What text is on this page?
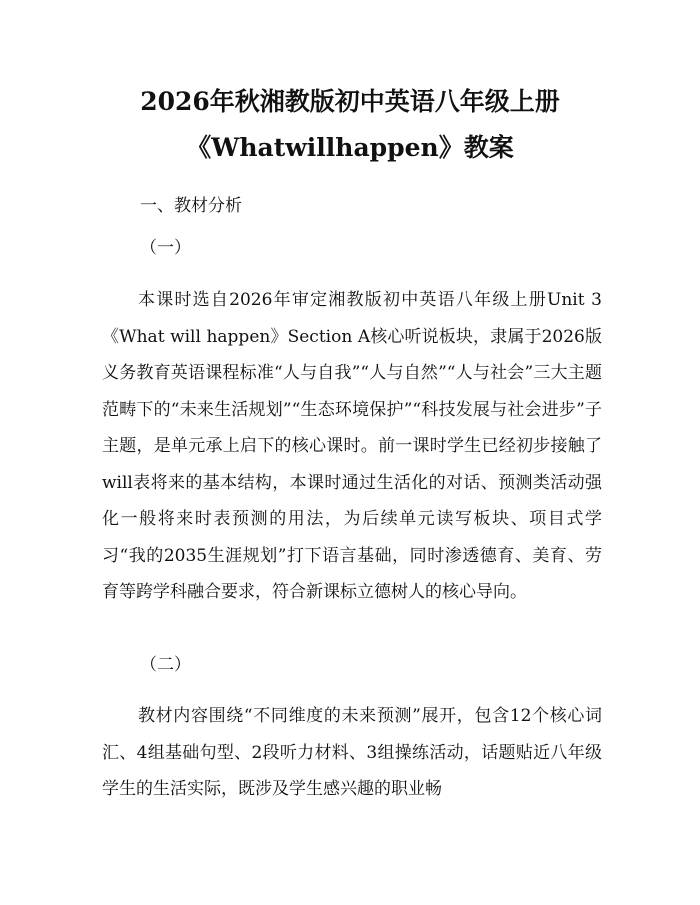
2026年秋湘教版初中英语八年级上册
《Whatwillhappen》教案
一、教材分析
（一）

本课时选自2026年审定湘教版初中英语八年级上册Unit 3《What will happen》Section A核心听说板块，隶属于2026版义务教育英语课程标准“人与自我”“人与自然”“人与社会”三大主题范畴下的“未来生活规划”“生态环境保护”“科技发展与社会进步”子主题，是单元承上启下的核心课时。前一课时学生已经初步接触了will表将来的基本结构，本课时通过生活化的对话、预测类活动强化一般将来时表预测的用法，为后续单元读写板块、项目式学习“我的2035生涯规划”打下语言基础，同时渗透德育、美育、劳育等跨学科融合要求，符合新课标立德树人的核心导向。

（二）

教材内容围绕“不同维度的未来预测”展开，包含12个核心词汇、4组基础句型、2段听力材料、3组操练活动，话题贴近八年级学生的生活实际，既涉及学生感兴趣的职业畅
